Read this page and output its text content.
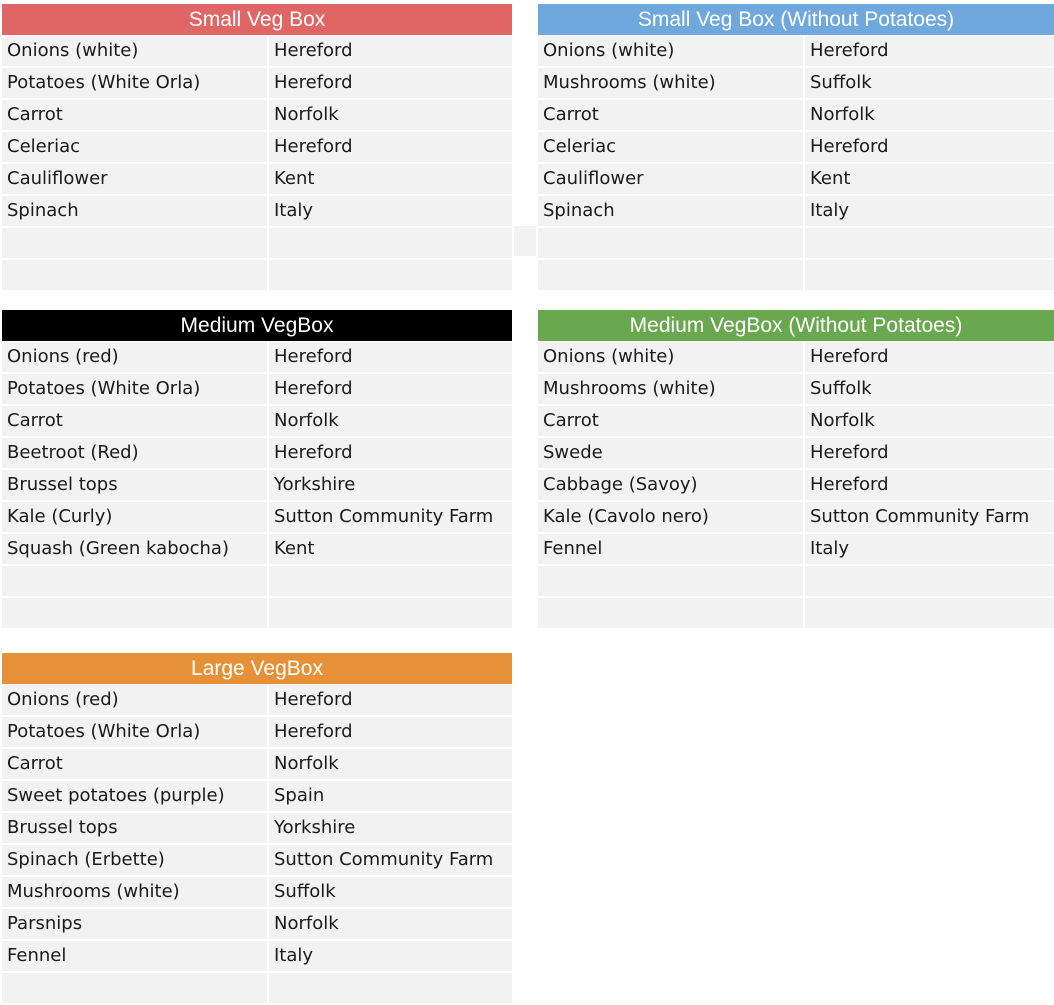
Small Veg Box
Onions (white)	Hereford
Potatoes (White Orla)	Hereford
Carrot	Norfolk
Celeriac	Hereford
Cauliflower	Kent
Spinach	Italy
Small Veg Box (Without Potatoes)
Onions (white)	Hereford
Mushrooms (white)	Suffolk
Carrot	Norfolk
Celeriac	Hereford
Cauliflower	Kent
Spinach	Italy
Medium VegBox
Onions (red)	Hereford
Potatoes (White Orla)	Hereford
Carrot	Norfolk
Beetroot (Red)	Hereford
Brussel tops	Yorkshire
Kale (Curly)	Sutton Community Farm
Squash (Green kabocha)	Kent
Medium VegBox (Without Potatoes)
Onions (white)	Hereford
Mushrooms (white)	Suffolk
Carrot	Norfolk
Swede	Hereford
Cabbage (Savoy)	Hereford
Kale (Cavolo nero)	Sutton Community Farm
Fennel	Italy
Large VegBox
Onions (red)	Hereford
Potatoes (White Orla)	Hereford
Carrot	Norfolk
Sweet potatoes (purple)	Spain
Brussel tops	Yorkshire
Spinach (Erbette)	Sutton Community Farm
Mushrooms (white)	Suffolk
Parsnips	Norfolk
Fennel	Italy
